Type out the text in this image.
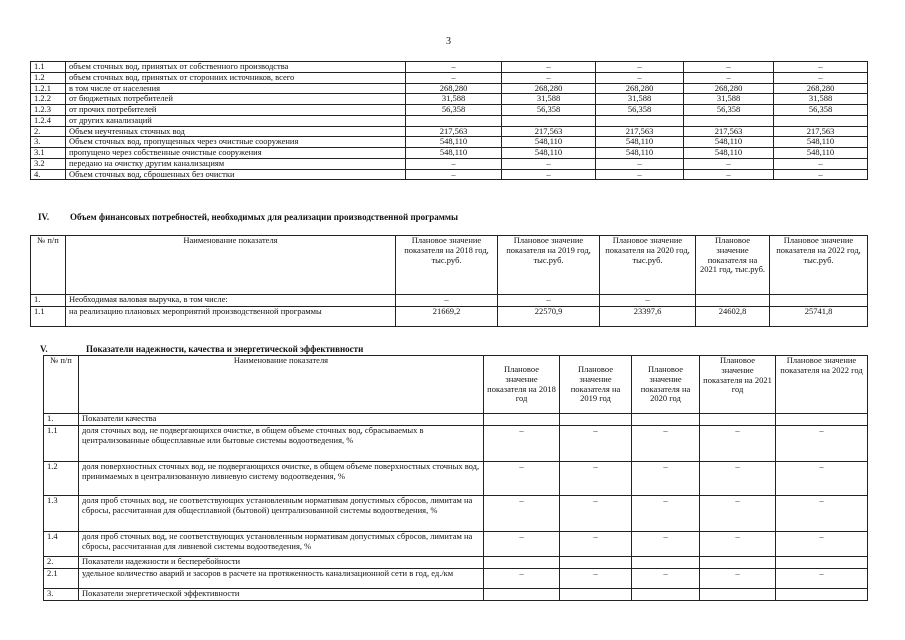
3
1.1	объем сточных вод, принятых от собственного производства	–	–	–	–	–
1.2	объем сточных вод, принятых от сторонних источников, всего	–	–	–	–	–
1.2.1	в том числе от населения	268,280	268,280	268,280	268,280	268,280
1.2.2	от бюджетных потребителей	31,588	31,588	31,588	31,588	31,588
1.2.3	от прочих потребителей	56,358	56,358	56,358	56,358	56,358
1.2.4	от других канализаций					
2.	Объем неучтенных сточных вод	217,563	217,563	217,563	217,563	217,563
3.	Объем сточных вод, пропущенных через очистные сооружения	548,110	548,110	548,110	548,110	548,110
3.1	пропущено через собственные очистные сооружения	548,110	548,110	548,110	548,110	548,110
3.2	передано на очистку другим канализациям	–	–	–	–	–
4.	Объем сточных вод, сброшенных без очистки	–	–	–	–	–
IV. Объем финансовых потребностей, необходимых для реализации производственной программы
№ п/п	Наименование показателя	Плановое значение показателя на 2018 год, тыс.руб.	Плановое значение показателя на 2019 год, тыс.руб.	Плановое значение показателя на 2020 год, тыс.руб.	Плановое значение показателя на 2021 год, тыс.руб.	Плановое значение показателя на 2022 год, тыс.руб.
1.	Необходимая валовая выручка, в том числе:	–	–	–		
1.1	на реализацию плановых мероприятий производственной программы	21669,2	22570,9	23397,6	24602,8	25741,8
V.	Показатели надежности, качества и энергетической эффективности
№ п/п	Наименование показателя	Плановое значение показателя на 2018 год	Плановое значение показателя на 2019 год	Плановое значение показателя на 2020 год	Плановое значение показателя на 2021 год	Плановое значение показателя на 2022 год
1.	Показатели качества					
1.1	доля сточных вод, не подвергающихся очистке, в общем объеме сточных вод, сбрасываемых в централизованные общесплавные или бытовые системы водоотведения, %	–	–	–	–	–
1.2	доля поверхностных сточных вод, не подвергающихся очистке, в общем объеме поверхностных сточных вод, принимаемых в централизованную ливневую систему водоотведения, %	–	–	–	–	–
1.3	доля проб сточных вод, не соответствующих установленным нормативам допустимых сбросов, лимитам на сбросы, рассчитанная для общесплавной (бытовой) централизованной системы водоотведения, %	–	–	–	–	–
1.4	доля проб сточных вод, не соответствующих установленным нормативам допустимых сбросов, лимитам на сбросы, рассчитанная для ливневой системы водоотведения, %	–	–	–	–	–
2.	Показатели надежности и бесперебойности					
2.1	удельное количество аварий и засоров в расчете на протяженность канализационной сети в год, ед./км	–	–	–	–	–
3.	Показатели энергетической эффективности					
